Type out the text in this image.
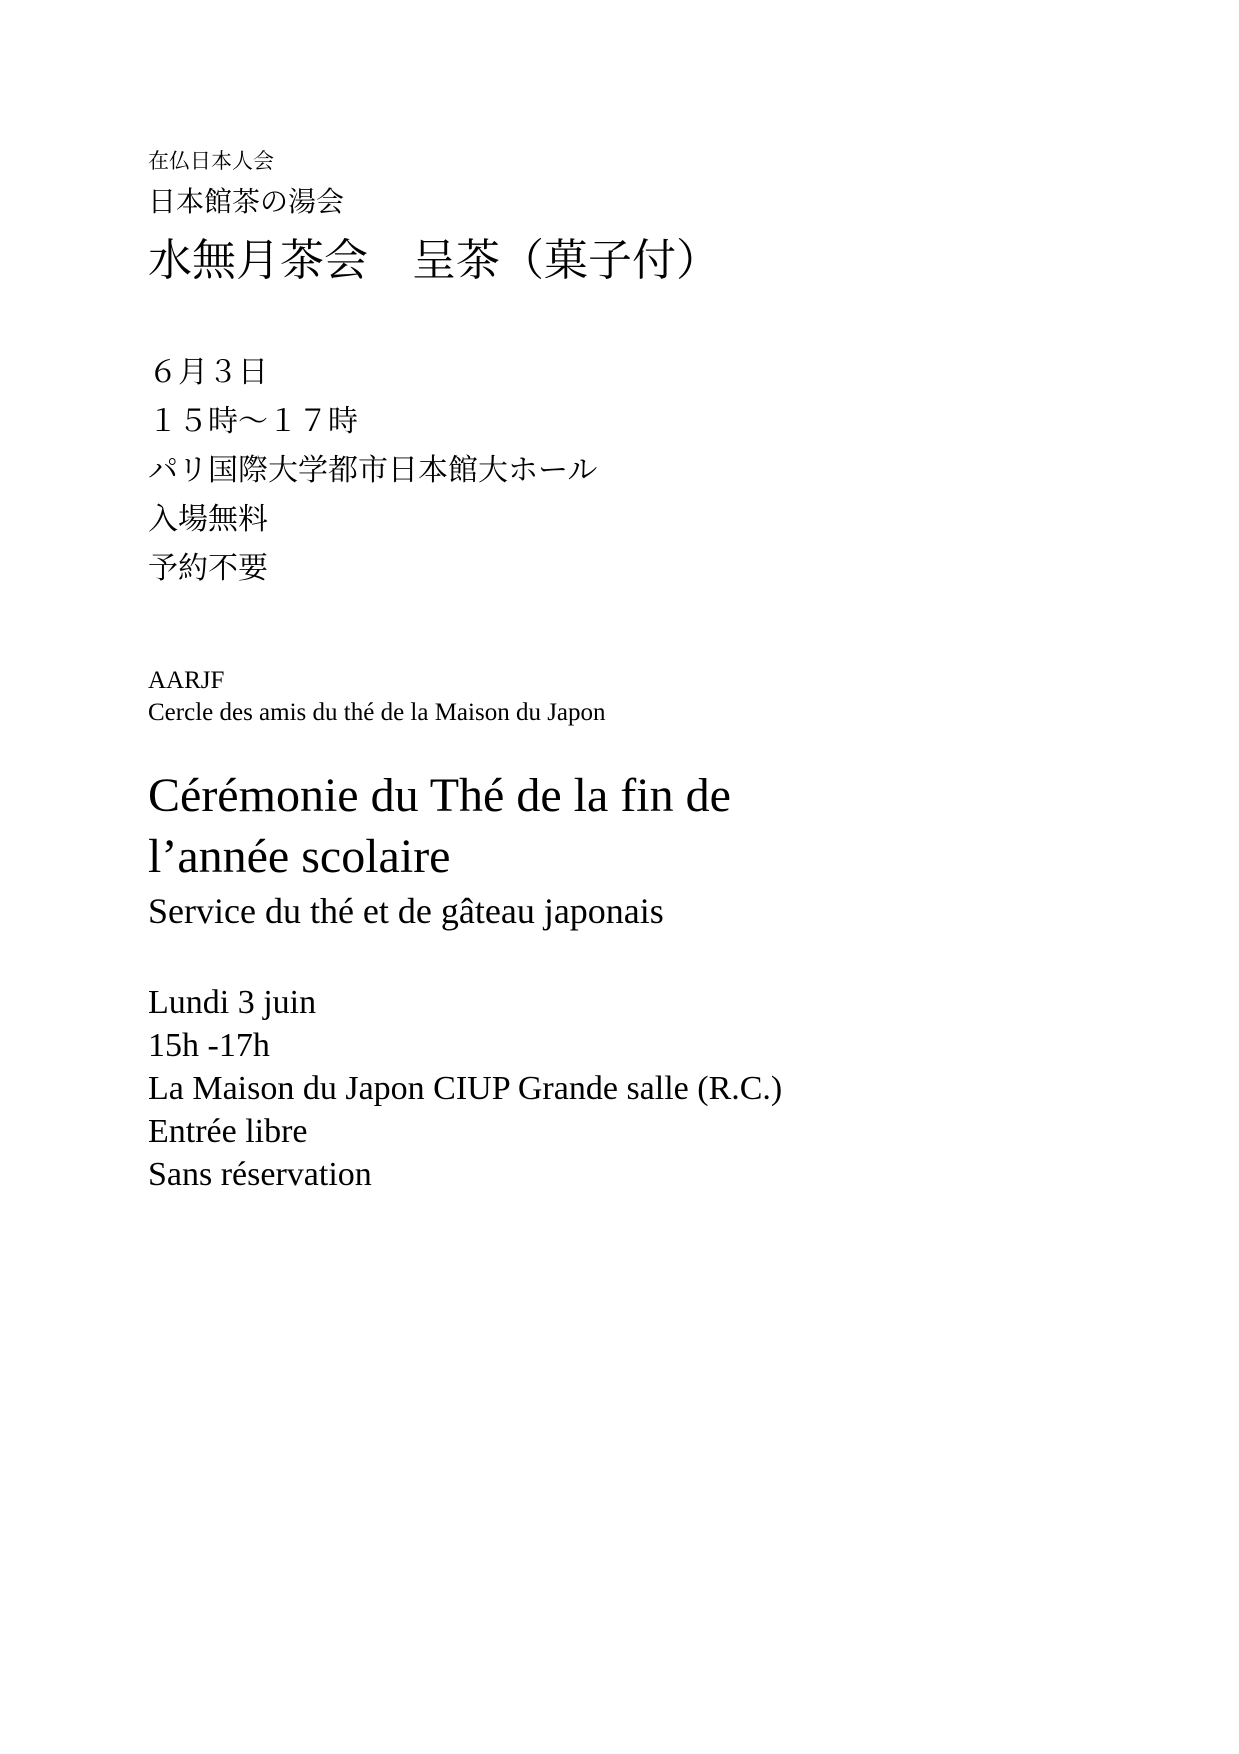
在仏日本人会
日本館茶の湯会
水無月茶会　呈茶（菓子付）
６月３日
１５時〜１７時
パリ国際大学都市日本館大ホール
入場無料
予約不要
AARJF
Cercle des amis du thé de la Maison du Japon
Cérémonie du Thé de la fin de
l’année scolaire
Service du thé et de gâteau japonais
Lundi 3 juin
15h -17h
La Maison du Japon CIUP Grande salle (R.C.)
Entrée libre
Sans réservation
